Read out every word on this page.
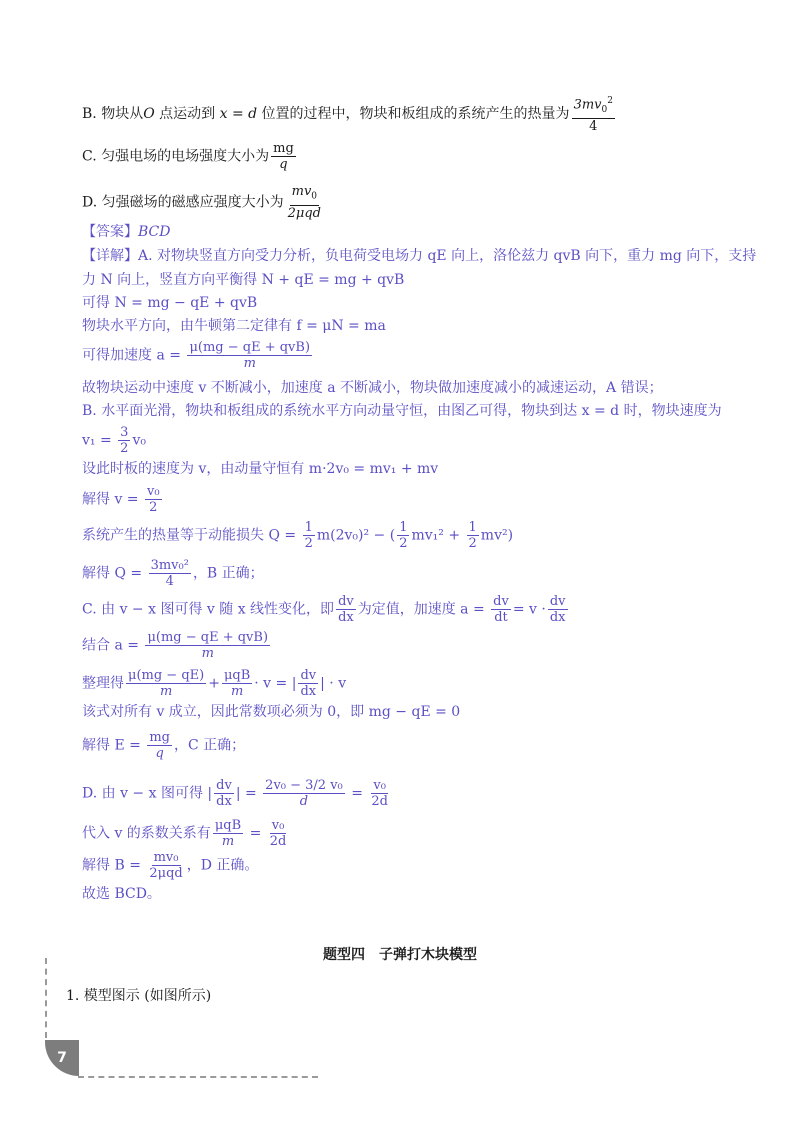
B. 物块从O 点运动到 x = d 位置的过程中，物块和板组成的系统产生的热量为 $\frac{3mv_0^2}{4}$
C. 匀强电场的电场强度大小为 $\frac{mg}{q}$
D. 匀强磁场的磁感应强度大小为 $\frac{mv_0}{\text{2μqd}}$
【答案】BCD
【详解】A. 对物块竖直方向受力分析，负电荷受电场力 qE 向上，洛伦兹力 qvB 向下，重力 mg 向下，支持
力 N 向上，竖直方向平衡得 N + qE = mg + qvB
可得 N = mg − qE + qvB
物块水平方向，由牛顿第二定律有 f = μN = ma
可得加速度 $a = \frac{\text{μ(mg − qE + qvB)}}{m}$
故物块运动中速度 v 不断减小，加速度 a 不断减小，物块做加速度减小的减速运动，A 错误；
B. 水平面光滑，物块和板组成的系统水平方向动量守恒，由图乙可得，物块到达 x = d 时，物块速度为
$v_1 = \frac{3}{2} v_0$
设此时板的速度为 v，由动量守恒有 m·2v₀ = mv₁ + mv
解得 $v = \frac{\text{v₀}}{2}$
系统产生的热量等于动能损失 $Q = \frac{1}{2} m(2v_0)^2$ − ( $\frac{1}{2} mv_1^2 + \frac{1}{2} mv^2$)
解得 $Q = \frac{\text{3mv₀²}}{4}$ ，B 正确；
C. 由 v − x 图可得 v 随 x 线性变化，即 $\frac{dv}{dx}$ 为定值，加速度 $a = \frac{dv}{dt} = v \cdot \frac{dv}{dx}$
结合 $a = \frac{\text{μ(mg − qE + qvB)}}{m}$
整理得 $\frac{\mu(mg - qE)}{m} + \frac{\text{μqB}}{m} \cdot v$ = | $\frac{dv}{dx}$ | · v
该式对所有 v 成立，因此常数项必须为 0，即 mg − qE = 0
解得 $E = \frac{mg}{q}$ ，C 正确；
D. 由 v − x 图可得 | $\frac{dv}{dx}$ | = $\frac{\text{2v₀ − 3/2 v₀}}{d} = \frac{\text{v₀}}{2d}$
代入 v 的系数关系有 $\frac{\text{μqB}}{m} = \frac{\text{v₀}}{2d}$
解得 $B = \frac{\text{mv₀}}{\text{2μqd}}$ ，D 正确。
故选 BCD。
题型四　子弹打木块模型
1. 模型图示 (如图所示)
7
